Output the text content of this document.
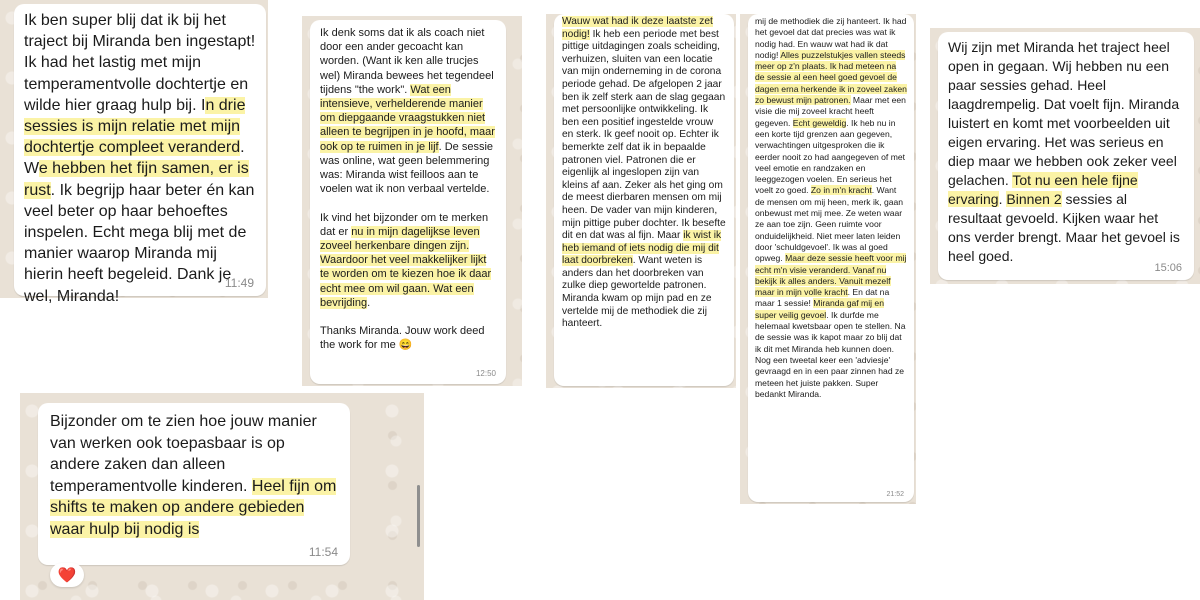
Ik ben super blij dat ik bij het traject bij Miranda ben ingestapt! Ik had het lastig met mijn temperamentvolle dochtertje en wilde hier graag hulp bij. In drie sessies is mijn relatie met mijn dochtertje compleet veranderd. We hebben het fijn samen, er is rust. Ik begrijp haar beter én kan veel beter op haar behoeftes inspelen. Echt mega blij met de manier waarop Miranda mij hierin heeft begeleid. Dank je wel, Miranda!
11:49
Ik denk soms dat ik als coach niet door een ander gecoacht kan worden. (Want ik ken alle trucjes wel) Miranda bewees het tegendeel tijdens "the work". Wat een intensieve, verhelderende manier om diepgaande vraagstukken niet alleen te begrijpen in je hoofd, maar ook op te ruimen in je lijf. De sessie was online, wat geen belemmering was: Miranda wist feilloos aan te voelen wat ik non verbaal vertelde.

Ik vind het bijzonder om te merken dat er nu in mijn dagelijkse leven zoveel herkenbare dingen zijn. Waardoor het veel makkelijker lijkt te worden om te kiezen hoe ik daar echt mee om wil gaan. Wat een bevrijding.

Thanks Miranda. Jouw work deed the work for me 😄
12:50
Wauw wat had ik deze laatste zet nodig! Ik heb een periode met best pittige uitdagingen zoals scheiding, verhuizen, sluiten van een locatie van mijn onderneming in de corona periode gehad. De afgelopen 2 jaar ben ik zelf sterk aan de slag gegaan met persoonlijke ontwikkeling. Ik ben een positief ingestelde vrouw en sterk. Ik geef nooit op. Echter ik bemerkte zelf dat ik in bepaalde patronen viel. Patronen die er eigenlijk al ingeslopen zijn van kleins af aan. Zeker als het ging om de meest dierbaren mensen om mij heen. De vader van mijn kinderen, mijn pittige puber dochter. Ik besefte dit en dat was al fijn. Maar ik wist ik heb iemand of iets nodig die mij dit laat doorbreken. Want weten is anders dan het doorbreken van zulke diep gewortelde patronen. Miranda kwam op mijn pad en ze vertelde mij de methodiek die zij hanteert.
mij de methodiek die zij hanteert. Ik had het gevoel dat dat precies was wat ik nodig had. En wauw wat had ik dat nodig! Alles puzzelstukjes vallen steeds meer op z'n plaats. Ik had meteen na de sessie al een heel goed gevoel de dagen erna herkende ik in zoveel zaken zo bewust mijn patronen. Maar met een visie die mij zoveel kracht heeft gegeven. Echt geweldig. Ik heb nu in een korte tijd grenzen aan gegeven, verwachtingen uitgesproken die ik eerder nooit zo had aangegeven of met veel emotie en randzaken en leeggezogen voelen. En serieus het voelt zo goed. Zo in m'n kracht. Want de mensen om mij heen, merk ik, gaan onbewust met mij mee. Ze weten waar ze aan toe zijn. Geen ruimte voor onduidelijkheid. Niet meer laten leiden door 'schuldgevoel'. Ik was al goed opweg. Maar deze sessie heeft voor mij echt m'n visie veranderd. Vanaf nu bekijk ik alles anders. Vanuit mezelf maar in mijn volle kracht. En dat na maar 1 sessie! Miranda gaf mij en super veilig gevoel. Ik durfde me helemaal kwetsbaar open te stellen. Na de sessie was ik kapot maar zo blij dat ik dit met Miranda heb kunnen doen. Nog een tweetal keer een 'adviesje' gevraagd en in een paar zinnen had ze meteen het juiste pakken. Super bedankt Miranda.
21:52
Wij zijn met Miranda het traject heel open in gegaan. Wij hebben nu een paar sessies gehad. Heel laagdrempelig. Dat voelt fijn. Miranda luistert en komt met voorbeelden uit eigen ervaring. Het was serieus en diep maar we hebben ook zeker veel gelachen. Tot nu een hele fijne ervaring. Binnen 2 sessies al resultaat gevoeld. Kijken waar het ons verder brengt. Maar het gevoel is heel goed.
15:06
Bijzonder om te zien hoe jouw manier van werken ook toepasbaar is op andere zaken dan alleen temperamentvolle kinderen. Heel fijn om shifts te maken op andere gebieden waar hulp bij nodig is
11:54
❤️
